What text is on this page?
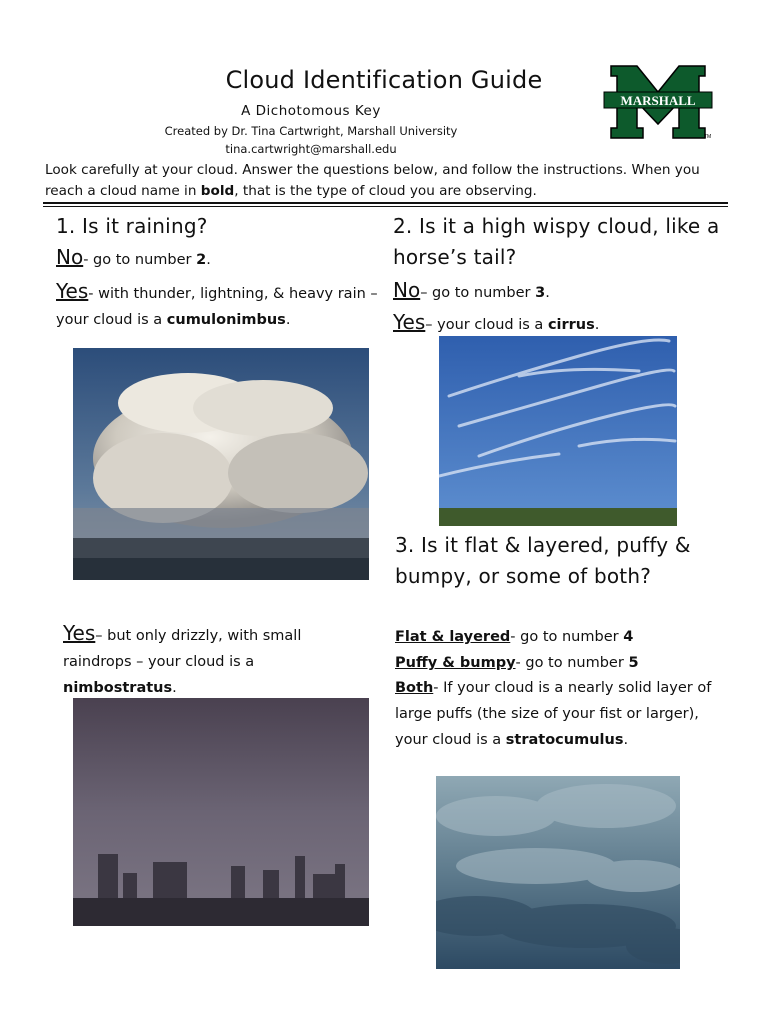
Cloud Identification Guide
A Dichotomous Key
Created by Dr. Tina Cartwright, Marshall University
tina.cartwright@marshall.edu
MARSHALL
TM
Look carefully at your cloud. Answer the questions below, and follow the instructions. When you reach a cloud name in bold, that is the type of cloud you are observing.
1. Is it raining?
No- go to number 2.
Yes- with thunder, lightning, & heavy rain – your cloud is a cumulonimbus.
Yes– but only drizzly, with small raindrops – your cloud is a nimbostratus.
2. Is it a high wispy cloud, like a horse’s tail?
No– go to number 3.
Yes– your cloud is a cirrus.
3. Is it flat & layered, puffy & bumpy, or some of both?
Flat & layered- go to number 4
Puffy & bumpy- go to number 5
Both- If your cloud is a nearly solid layer of large puffs (the size of your fist or larger), your cloud is a stratocumulus.
